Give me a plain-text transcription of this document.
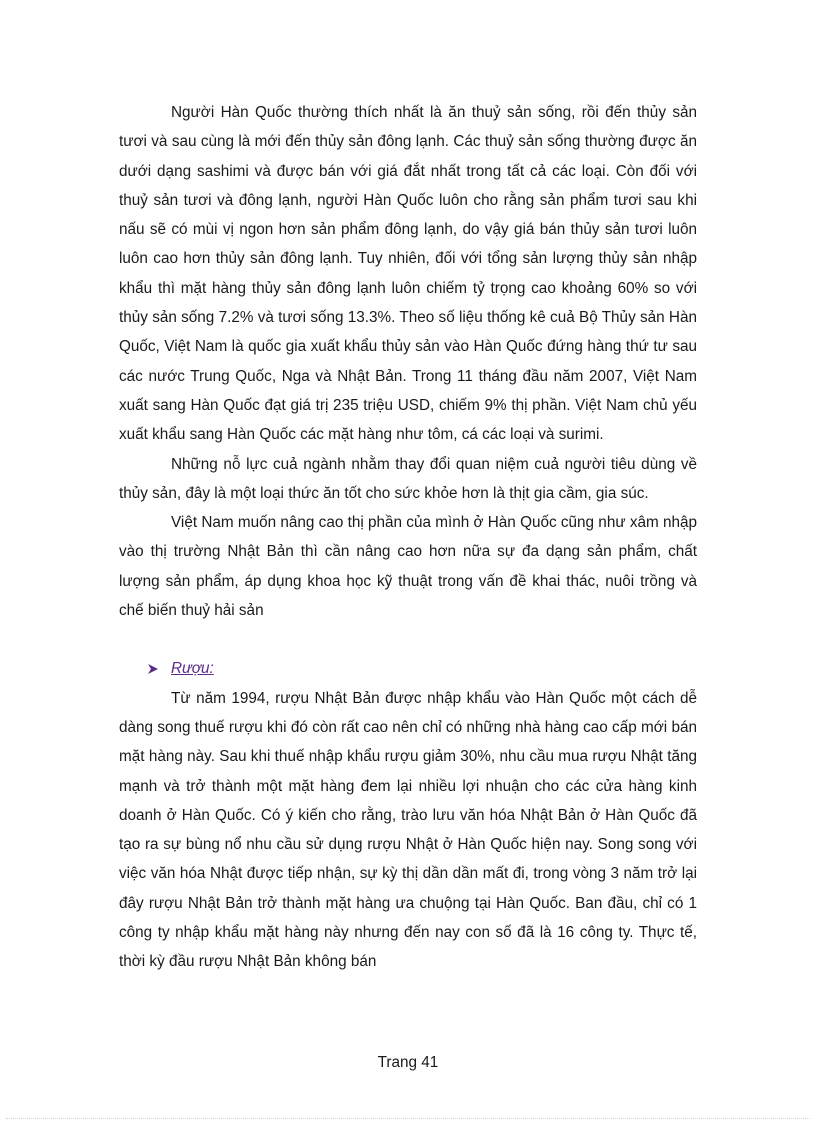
Người Hàn Quốc thường thích nhất là ăn thuỷ sản sống, rồi đến thủy sản tươi và sau cùng là mới đến thủy sản đông lạnh. Các thuỷ sản sống thường được ăn dưới dạng sashimi và được bán với giá đắt nhất trong tất cả các loại. Còn đối với thuỷ sản tươi và đông lạnh, người Hàn Quốc luôn cho rằng sản phẩm tươi sau khi nấu sẽ có mùi vị ngon hơn sản phẩm đông lạnh, do vậy giá bán thủy sản tươi luôn luôn cao hơn thủy sản đông lạnh. Tuy nhiên, đối với tổng sản lượng thủy sản nhập khẩu thì mặt hàng thủy sản đông lạnh luôn chiếm tỷ trọng cao khoảng 60% so với thủy sản sống 7.2% và tươi sống 13.3%. Theo số liệu thống kê cuả Bộ Thủy sản Hàn Quốc, Việt Nam là quốc gia xuất khẩu thủy sản vào Hàn Quốc đứng hàng thứ tư sau các nước Trung Quốc, Nga và Nhật Bản. Trong 11 tháng đầu năm 2007, Việt Nam xuất sang Hàn Quốc đạt giá trị 235 triệu USD, chiếm 9% thị phần. Việt Nam chủ yếu xuất khẩu sang Hàn Quốc các mặt hàng như tôm, cá các loại và surimi.

Những nỗ lực cuả ngành nhằm thay đổi quan niệm cuả người tiêu dùng về thủy sản, đây là một loại thức ăn tốt cho sức khỏe hơn là thịt gia cầm, gia súc.

Việt Nam muốn nâng cao thị phần của mình ở Hàn Quốc cũng như xâm nhập vào thị trường Nhật Bản thì cần nâng cao hơn nữa sự đa dạng sản phẩm, chất lượng sản phẩm, áp dụng khoa học kỹ thuật trong vấn đề khai thác, nuôi trồng và chế biến thuỷ hải sản

Rượu:

Từ năm 1994, rượu Nhật Bản được nhập khẩu vào Hàn Quốc một cách dễ dàng song thuế rượu khi đó còn rất cao nên chỉ có những nhà hàng cao cấp mới bán mặt hàng này. Sau khi thuế nhập khẩu rượu giảm 30%, nhu cầu mua rượu Nhật tăng mạnh và trở thành một mặt hàng đem lại nhiều lợi nhuận cho các cửa hàng kinh doanh ở Hàn Quốc. Có ý kiến cho rằng, trào lưu văn hóa Nhật Bản ở Hàn Quốc đã tạo ra sự bùng nổ nhu cầu sử dụng rượu Nhật ở Hàn Quốc hiện nay. Song song với việc văn hóa Nhật được tiếp nhận, sự kỳ thị dần dần mất đi, trong vòng 3 năm trở lại đây rượu Nhật Bản trở thành mặt hàng ưa chuộng tại Hàn Quốc. Ban đầu, chỉ có 1 công ty nhập khẩu mặt hàng này nhưng đến nay con số đã là 16 công ty. Thực tế, thời kỳ đầu rượu Nhật Bản không bán

Trang 41
